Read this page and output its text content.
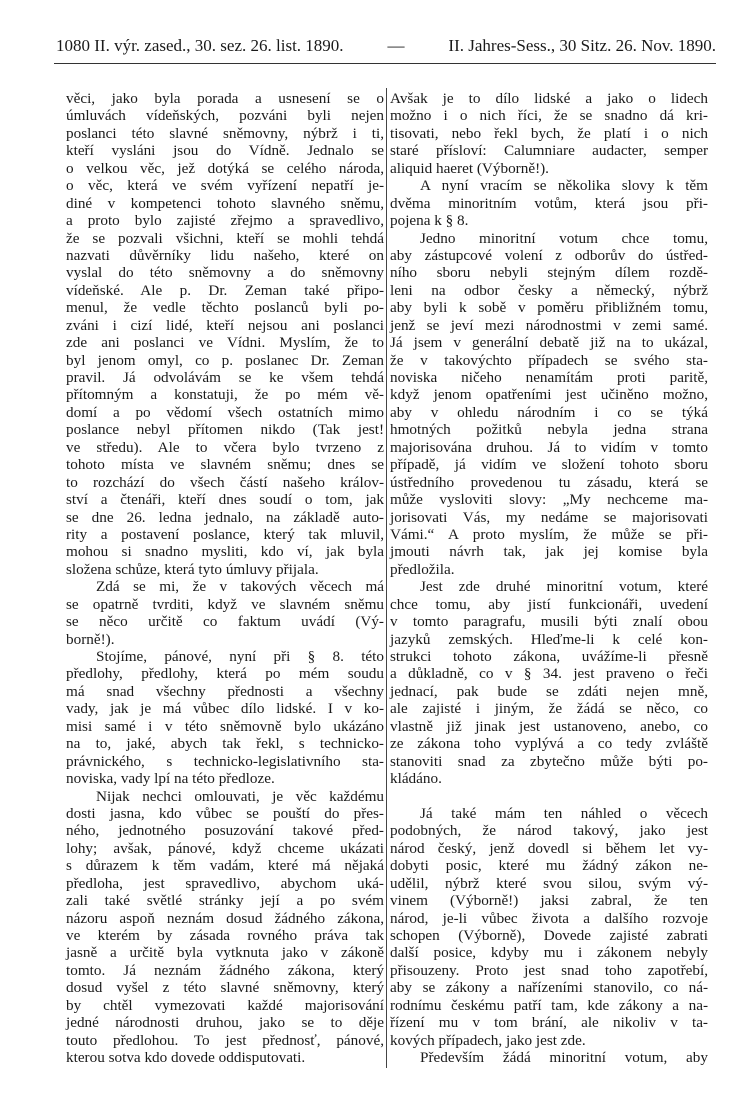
1080 II. výr. zased., 30. sez. 26. list. 1890.	—	II. Jahres-Sess., 30 Sitz. 26. Nov. 1890.
věci, jako byla porada a usnesení se o
úmluvách vídeňských, pozváni byli nejen
poslanci této slavné sněmovny, nýbrž i ti,
kteří vysláni jsou do Vídně. Jednalo se
o velkou věc, jež dotýká se celého národa,
o věc, která ve svém vyřízení nepatří je-
diné v kompetenci tohoto slavného sněmu,
a proto bylo zajisté zřejmo a spravedlivo,
že se pozvali všichni, kteří se mohli tehdá
nazvati důvěrníky lidu našeho, které on
vyslal do této sněmovny a do sněmovny
vídeňské. Ale p. Dr. Zeman také připo-
menul, že vedle těchto poslanců byli po-
zváni i cizí lidé, kteří nejsou ani poslanci
zde ani poslanci ve Vídni. Myslím, že to
byl jenom omyl, co p. poslanec Dr. Zeman
pravil. Já odvolávám se ke všem tehdá
přítomným a konstatuji, že po mém vě-
domí a po vědomí všech ostatních mimo
poslance nebyl přítomen nikdo (Tak jest!
ve středu). Ale to včera bylo tvrzeno z
tohoto místa ve slavném sněmu; dnes se
to rozchází do všech částí našeho králov-
ství a čtenáři, kteří dnes soudí o tom, jak
se dne 26. ledna jednalo, na základě auto-
rity a postavení poslance, který tak mluvil,
mohou si snadno mysliti, kdo ví, jak byla
složena schůze, která tyto úmluvy přijala.
Zdá se mi, že v takových věcech má
se opatrně tvrditi, když ve slavném sněmu
se něco určitě co faktum uvádí (Vý-
borně!).
Stojíme, pánové, nyní při § 8. této
předlohy, předlohy, která po mém soudu
má snad všechny přednosti a všechny
vady, jak je má vůbec dílo lidské. I v ko-
misi samé i v této sněmovně bylo ukázáno
na to, jaké, abych tak řekl, s technicko-
právnického, s technicko-legislativního sta-
noviska, vady lpí na této předloze.
Nijak nechci omlouvati, je věc každému
dosti jasna, kdo vůbec se pouští do přes-
ného, jednotného posuzování takové před-
lohy; avšak, pánové, když chceme ukázati
s důrazem k těm vadám, které má nějaká
předloha, jest spravedlivo, abychom uká-
zali také světlé stránky její a po svém
názoru aspoň neznám dosud žádného zákona,
ve kterém by zásada rovného práva tak
jasně a určitě byla vytknuta jako v zákoně
tomto. Já neznám žádného zákona, který
dosud vyšel z této slavné sněmovny, který
by chtěl vymezovati každé majorisování
jedné národnosti druhou, jako se to děje
touto předlohou. To jest přednosť, pánové,
kterou sotva kdo dovede oddisputovati.
Avšak je to dílo lidské a jako o lidech
možno i o nich říci, že se snadno dá kri-
tisovati, nebo řekl bych, že platí i o nich
staré přísloví: Calumniare audacter, semper
aliquid haeret (Výborně!).
A nyní vracím se několika slovy k těm
dvěma minoritním votům, která jsou při-
pojena k § 8.
Jedno minoritní votum chce tomu,
aby zástupcové volení z odborův do ústřed-
ního sboru nebyli stejným dílem rozdě-
leni na odbor česky a německý, nýbrž
aby byli k sobě v poměru přibližném tomu,
jenž se jeví mezi národnostmi v zemi samé.
Já jsem v generální debatě již na to ukázal,
že v takovýchto případech se svého sta-
noviska ničeho nenamítám proti paritě,
když jenom opatřeními jest učiněno možno,
aby v ohledu národním i co se týká
hmotných požitků nebyla jedna strana
majorisována druhou. Já to vidím v tomto
případě, já vidím ve složení tohoto sboru
ústředního provedenou tu zásadu, která se
může vysloviti slovy: „My nechceme ma-
jorisovati Vás, my nedáme se majorisovati
Vámi.“ A proto myslím, že může se při-
jmouti návrh tak, jak jej komise byla
předložila.
Jest zde druhé minoritní votum, které
chce tomu, aby jistí funkcionáři, uvedení
v tomto paragrafu, musili býti znalí obou
jazyků zemských. Hleďme-li k celé kon-
strukci tohoto zákona, uvážíme-li přesně
a důkladně, co v § 34. jest praveno o řeči
jednací, pak bude se zdáti nejen mně,
ale zajisté i jiným, že žádá se něco, co
vlastně již jinak jest ustanoveno, anebo, co
ze zákona toho vyplývá a co tedy zvláště
stanoviti snad za zbytečno může býti po-
kládáno.
Já také mám ten náhled o věcech
podobných, že národ takový, jako jest
národ český, jenž dovedl si během let vy-
dobyti posic, které mu žádný zákon ne-
udělil, nýbrž které svou silou, svým vý-
vinem (Výborně!) jaksi zabral, že ten
národ, je-li vůbec života a dalšího rozvoje
schopen (Výborně), Dovede zajisté zabrati
další posice, kdyby mu i zákonem nebyly
přisouzeny. Proto jest snad toho zapotřebí,
aby se zákony a nařízeními stanovilo, co ná-
rodnímu českému patří tam, kde zákony a na-
řízení mu v tom brání, ale nikoliv v ta-
kových případech, jako jest zde.
Především žádá minoritní votum, aby
